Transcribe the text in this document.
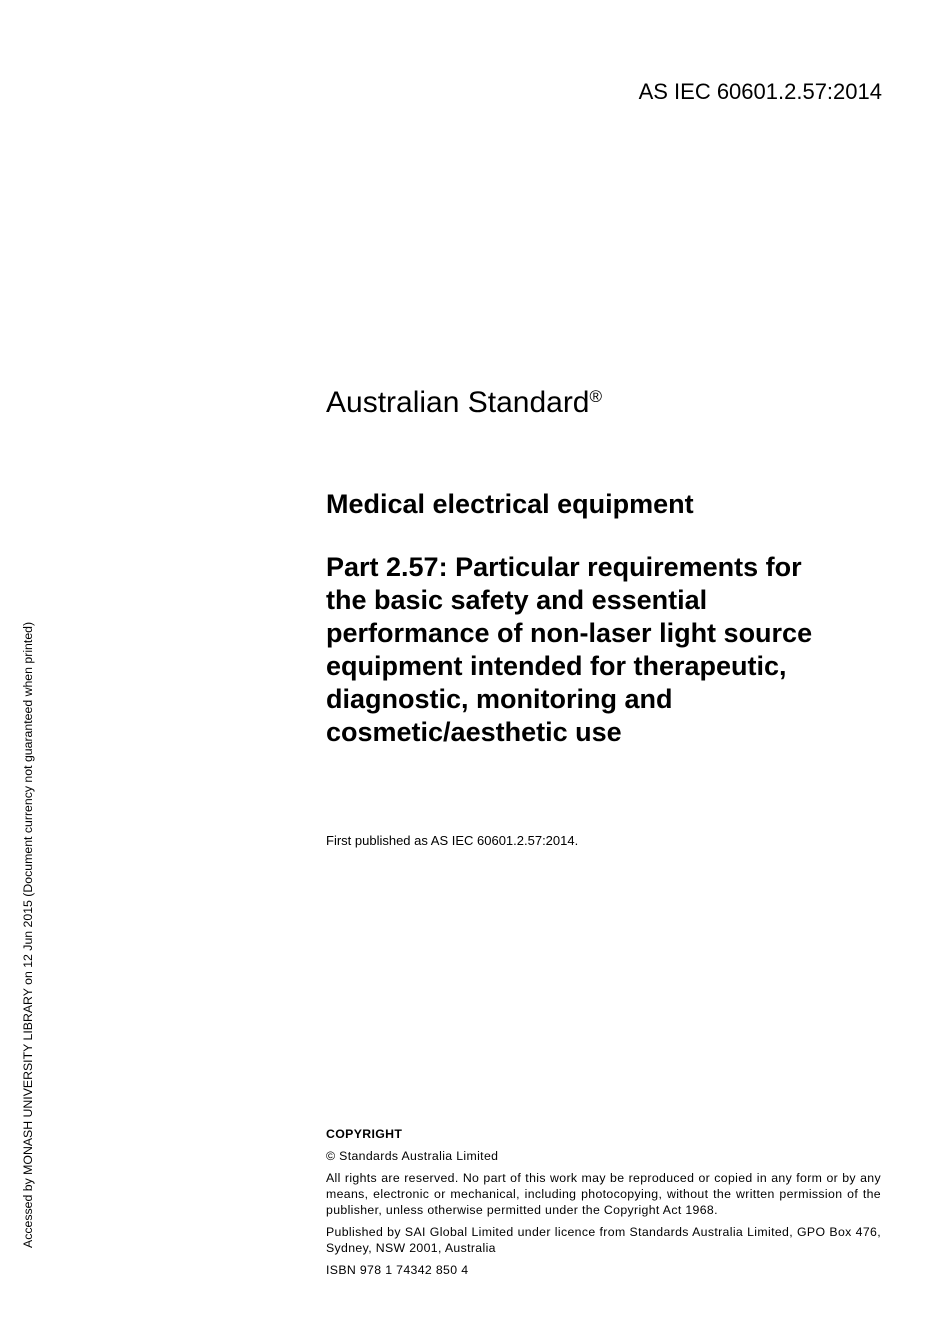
AS IEC 60601.2.57:2014
Australian Standard®
Medical electrical equipment
Part 2.57: Particular requirements for
the basic safety and essential
performance of non-laser light source
equipment intended for therapeutic,
diagnostic, monitoring and
cosmetic/aesthetic use
First published as AS IEC 60601.2.57:2014.
COPYRIGHT

© Standards Australia Limited

All rights are reserved. No part of this work may be reproduced or copied in any form or by any means, electronic or mechanical, including photocopying, without the written permission of the publisher, unless otherwise permitted under the Copyright Act 1968.

Published by SAI Global Limited under licence from Standards Australia Limited, GPO Box 476, Sydney, NSW 2001, Australia

ISBN 978 1 74342 850 4

Accessed by MONASH UNIVERSITY LIBRARY on 12 Jun 2015 (Document currency not guaranteed when printed)
